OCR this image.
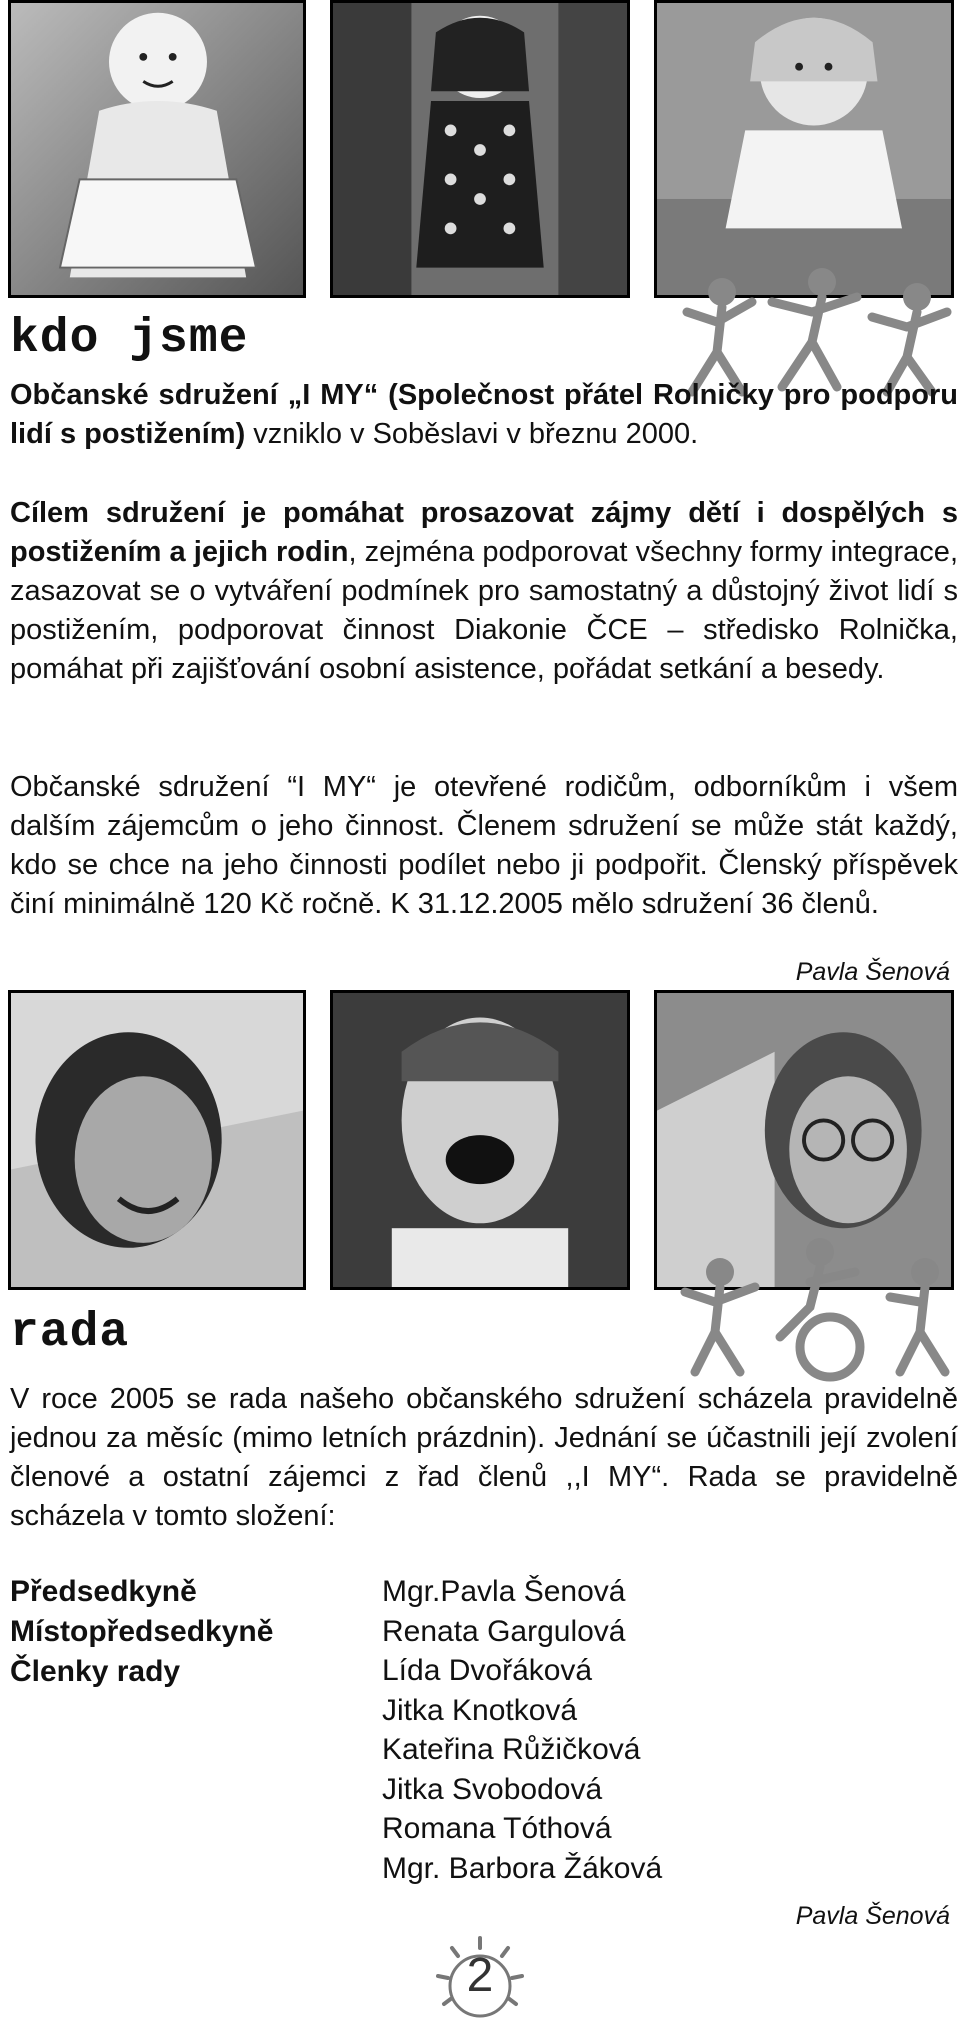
kdo jsme

Občanské sdružení „I MY“ (Společnost přátel Rolničky pro podporu lidí s postižením) vzniklo v Soběslavi v březnu 2000.

Cílem sdružení je pomáhat prosazovat zájmy dětí i dospělých s postižením a jejich rodin, zejména podporovat všechny formy integrace, zasazovat se o vytváření podmínek pro samostatný a důstojný život lidí s postižením, podporovat činnost Diakonie ČCE – středisko Rolnička, pomáhat při zajišťování osobní asistence, pořádat setkání a besedy.

Občanské sdružení “I MY“ je otevřené rodičům, odborníkům i všem dalším zájemcům o jeho činnost. Členem sdružení se může stát každý, kdo se chce na jeho činnosti podílet nebo ji podpořit. Členský příspěvek činí minimálně 120 Kč ročně. K 31.12.2005 mělo sdružení 36 členů.

Pavla Šenová
rada

V roce 2005 se rada našeho občanského sdružení scházela pravidelně jednou za měsíc (mimo letních prázdnin). Jednání se účastnili její zvolení členové a ostatní zájemci z řad členů ,,I MY“. Rada se pravidelně scházela v tomto složení:

Předsedkyně
Místopředsedkyně
Členky rady
Mgr.Pavla Šenová
Renata Gargulová
Lída Dvořáková
Jitka Knotková
Kateřina Růžičková
Jitka Svobodová
Romana Tóthová
Mgr. Barbora Žáková
Pavla Šenová
2
